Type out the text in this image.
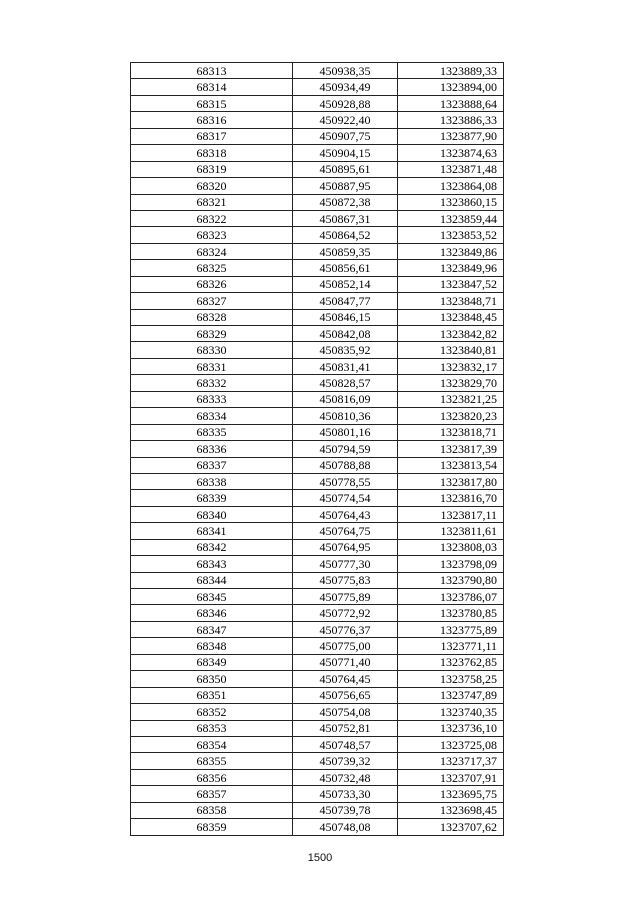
68313	450938,35	1323889,33
68314	450934,49	1323894,00
68315	450928,88	1323888,64
68316	450922,40	1323886,33
68317	450907,75	1323877,90
68318	450904,15	1323874,63
68319	450895,61	1323871,48
68320	450887,95	1323864,08
68321	450872,38	1323860,15
68322	450867,31	1323859,44
68323	450864,52	1323853,52
68324	450859,35	1323849,86
68325	450856,61	1323849,96
68326	450852,14	1323847,52
68327	450847,77	1323848,71
68328	450846,15	1323848,45
68329	450842,08	1323842,82
68330	450835,92	1323840,81
68331	450831,41	1323832,17
68332	450828,57	1323829,70
68333	450816,09	1323821,25
68334	450810,36	1323820,23
68335	450801,16	1323818,71
68336	450794,59	1323817,39
68337	450788,88	1323813,54
68338	450778,55	1323817,80
68339	450774,54	1323816,70
68340	450764,43	1323817,11
68341	450764,75	1323811,61
68342	450764,95	1323808,03
68343	450777,30	1323798,09
68344	450775,83	1323790,80
68345	450775,89	1323786,07
68346	450772,92	1323780,85
68347	450776,37	1323775,89
68348	450775,00	1323771,11
68349	450771,40	1323762,85
68350	450764,45	1323758,25
68351	450756,65	1323747,89
68352	450754,08	1323740,35
68353	450752,81	1323736,10
68354	450748,57	1323725,08
68355	450739,32	1323717,37
68356	450732,48	1323707,91
68357	450733,30	1323695,75
68358	450739,78	1323698,45
68359	450748,08	1323707,62
1500
